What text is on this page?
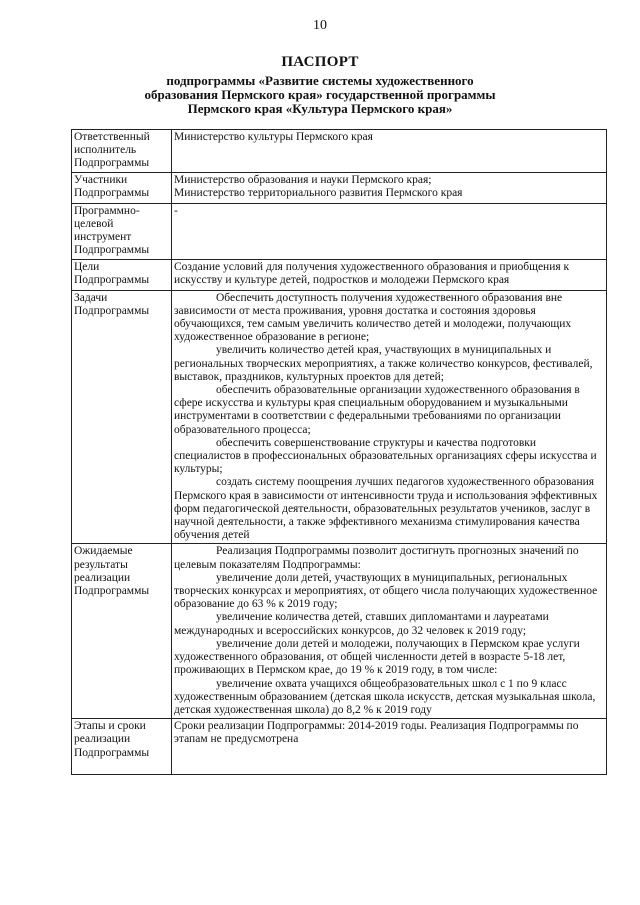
10
ПАСПОРТ
подпрограммы «Развитие системы художественного
образования Пермского края» государственной программы
Пермского края «Культура Пермского края»
Ответственный исполнитель Подпрограммы	Министерство культуры Пермского края

Участники Подпрограммы	Министерство образования и науки Пермского края;

Министерство территориального развития Пермского края

Программно-целевой инструмент Подпрограммы	-

Цели Подпрограммы	Создание условий для получения художественного образования и приобщения к искусству и культуре детей, подростков и молодежи Пермского края

Задачи Подпрограммы	Обеспечить доступность получения художественного образования вне зависимости от места проживания, уровня достатка и состояния здоровья обучающихся, тем самым увеличить количество детей и молодежи, получающих художественное образование в регионе;

увеличить количество детей края, участвующих в муниципальных и региональных творческих мероприятиях, а также количество конкурсов, фестивалей, выставок, праздников, культурных проектов для детей;

обеспечить образовательные организации художественного образования в сфере искусства и культуры края специальным оборудованием и музыкальными инструментами в соответствии с федеральными требованиями по организации образовательного процесса;

обеспечить совершенствование структуры и качества подготовки специалистов в профессиональных образовательных организациях сферы искусства и культуры;

создать систему поощрения лучших педагогов художественного образования Пермского края в зависимости от интенсивности труда и использования эффективных форм педагогической деятельности, образовательных результатов учеников, заслуг в научной деятельности, а также эффективного механизма стимулирования качества обучения детей

Ожидаемые результаты реализации Подпрограммы	Реализация Подпрограммы позволит достигнуть прогнозных значений по целевым показателям Подпрограммы:

увеличение доли детей, участвующих в муниципальных, региональных творческих конкурсах и мероприятиях, от общего числа получающих художественное образование до 63 % к 2019 году;

увеличение количества детей, ставших дипломантами и лауреатами международных и всероссийских конкурсов, до 32 человек к 2019 году;

увеличение доли детей и молодежи, получающих в Пермском крае услуги художественного образования, от общей численности детей в возрасте 5-18 лет, проживающих в Пермском крае, до 19 % к 2019 году, в том числе:

увеличение охвата учащихся общеобразовательных школ с 1 по 9 класс художественным образованием (детская школа искусств, детская музыкальная школа, детская художественная школа) до 8,2 % к 2019 году

Этапы и сроки реализации Подпрограммы	Сроки реализации Подпрограммы: 2014-2019 годы. Реализация Подпрограммы по этапам не предусмотрена
